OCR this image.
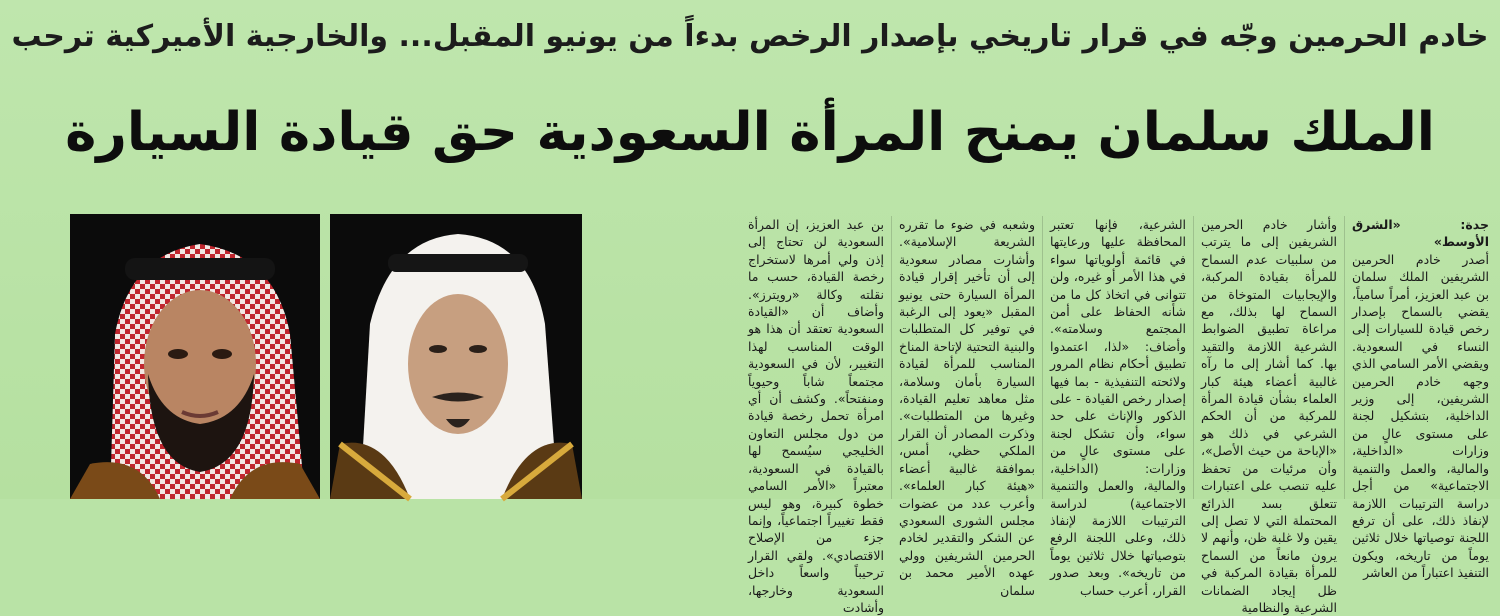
خادم الحرمين وجّه في قرار تاريخي بإصدار الرخص بدءاً من يونيو المقبل... والخارجية الأميركية ترحب
الملك سلمان يمنح المرأة السعودية حق قيادة السيارة

جدة: «الشرق الأوسط»

أصدر خادم الحرمين الشريفين الملك سلمان بن عبد العزيز، أمراً سامياً، يقضي بالسماح بإصدار رخص قيادة للسيارات إلى النساء في السعودية. ويقضي الأمر السامي الذي وجهه خادم الحرمين الشريفين، إلى وزير الداخلية، بتشكيل لجنة على مستوى عالٍ من وزارات «الداخلية، والمالية، والعمل والتنمية الاجتماعية» من أجل دراسة الترتيبات اللازمة لإنفاذ ذلك، على أن ترفع اللجنة توصياتها خلال ثلاثين يوماً من تاريخه، ويكون التنفيذ اعتباراً من العاشر

وأشار خادم الحرمين الشريفين إلى ما يترتب من سلبيات عدم السماح للمرأة بقيادة المركبة، والإيجابيات المتوخاة من السماح لها بذلك، مع مراعاة تطبيق الضوابط الشرعية اللازمة والتقيد بها. كما أشار إلى ما رآه غالبية أعضاء هيئة كبار العلماء بشأن قيادة المرأة للمركبة من أن الحكم الشرعي في ذلك هو «الإباحة من حيث الأصل»، وأن مرئيات من تحفظ عليه تنصب على اعتبارات تتعلق بسد الذرائع المحتملة التي لا تصل إلى يقين ولا غلبة ظن، وأنهم لا يرون مانعاً من السماح للمرأة بقيادة المركبة في ظل إيجاد الضمانات الشرعية والنظامية

الشرعية، فإنها تعتبر المحافظة عليها ورعايتها في قائمة أولوياتها سواء في هذا الأمر أو غيره، ولن تتوانى في اتخاذ كل ما من شأنه الحفاظ على أمن المجتمع وسلامته». وأضاف: «لذا، اعتمدوا تطبيق أحكام نظام المرور ولائحته التنفيذية - بما فيها إصدار رخص القيادة - على الذكور والإناث على حد سواء، وأن تشكل لجنة على مستوى عالٍ من وزارات: (الداخلية، والمالية، والعمل والتنمية الاجتماعية) لدراسة الترتيبات اللازمة لإنفاذ ذلك، وعلى اللجنة الرفع بتوصياتها خلال ثلاثين يوماً من تاريخه». وبعد صدور القرار، أعرب حساب

وشعبه في ضوء ما تقرره الشريعة الإسلامية». وأشارت مصادر سعودية إلى أن تأخير إقرار قيادة المرأة السيارة حتى يونيو المقبل «يعود إلى الرغبة في توفير كل المتطلبات والبنية التحتية لإتاحة المناخ المناسب للمرأة لقيادة السيارة بأمان وسلامة، مثل معاهد تعليم القيادة، وغيرها من المتطلبات». وذكرت المصادر أن القرار الملكي حظي، أمس، بموافقة غالبية أعضاء «هيئة كبار العلماء». وأعرب عدد من عضوات مجلس الشورى السعودي عن الشكر والتقدير لخادم الحرمين الشريفين وولي عهده الأمير محمد بن سلمان

بن عبد العزيز، إن المرأة السعودية لن تحتاج إلى إذن ولي أمرها لاستخراج رخصة القيادة، حسب ما نقلته وكالة «رويترز». وأضاف أن «القيادة السعودية تعتقد أن هذا هو الوقت المناسب لهذا التغيير، لأن في السعودية مجتمعاً شاباً وحيوياً ومنفتحاً». وكشف أن أي امرأة تحمل رخصة قيادة من دول مجلس التعاون الخليجي سيُسمح لها بالقيادة في السعودية، معتبراً «الأمر السامي خطوة كبيرة، وهو ليس فقط تغييراً اجتماعياً، وإنما جزء من الإصلاح الاقتصادي». ولقي القرار ترحيباً واسعاً داخل السعودية وخارجها، وأشادت
